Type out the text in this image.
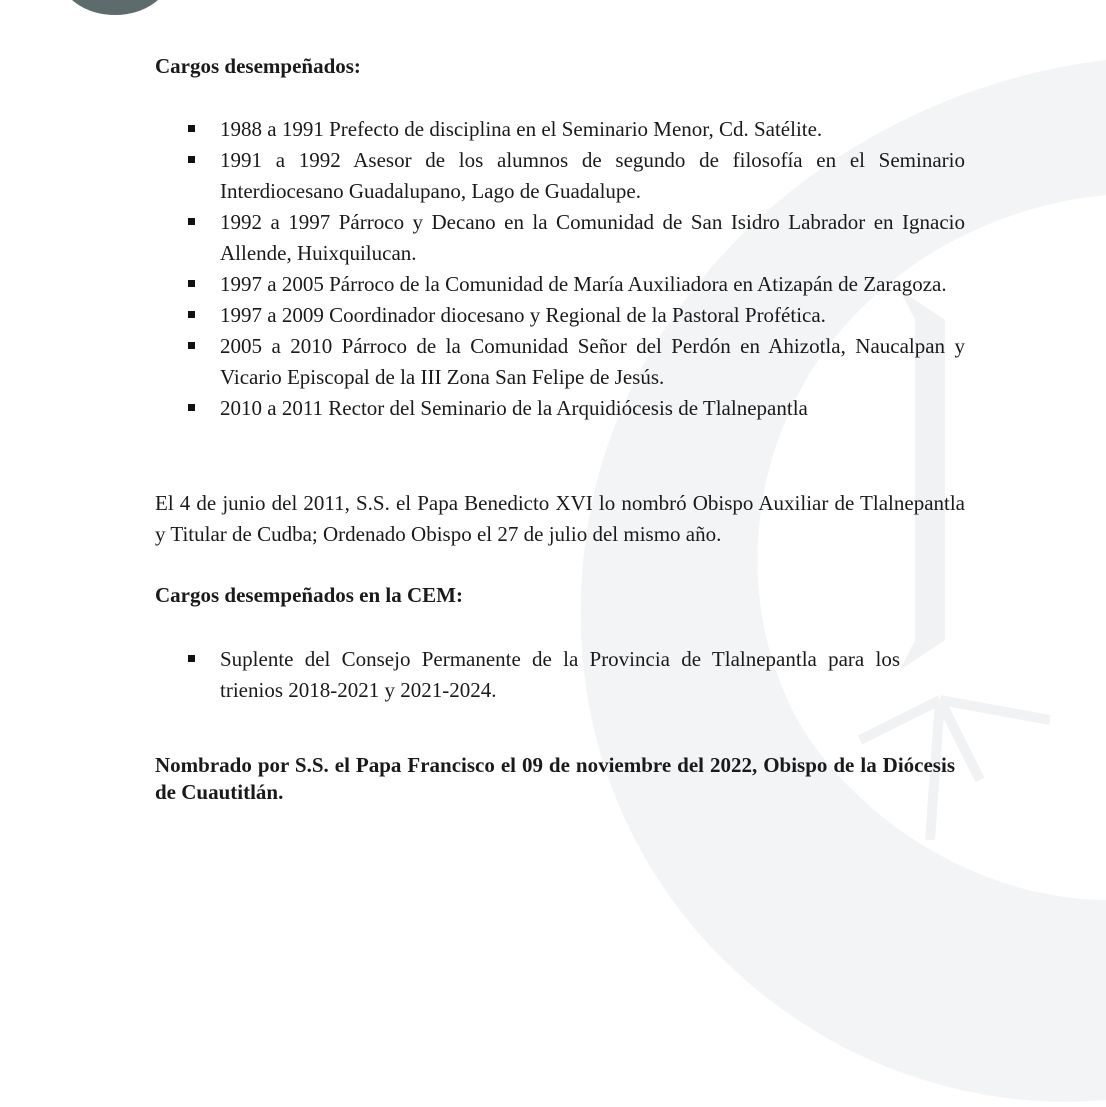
Cargos desempeñados:
1988 a 1991 Prefecto de disciplina en el Seminario Menor, Cd. Satélite.
1991 a 1992 Asesor de los alumnos de segundo de filosofía en el Seminario Interdiocesano Guadalupano, Lago de Guadalupe.
1992 a 1997 Párroco y Decano en la Comunidad de San Isidro Labrador en Ignacio Allende, Huixquilucan.
1997 a 2005 Párroco de la Comunidad de María Auxiliadora en Atizapán de Zaragoza.
1997 a 2009 Coordinador diocesano y Regional de la Pastoral Profética.
2005 a 2010 Párroco de la Comunidad Señor del Perdón en Ahizotla, Naucalpan y Vicario Episcopal de la III Zona San Felipe de Jesús.
2010 a 2011 Rector del Seminario de la Arquidiócesis de Tlalnepantla
El 4 de junio del 2011, S.S. el Papa Benedicto XVI lo nombró Obispo Auxiliar de Tlalnepantla y Titular de Cudba; Ordenado Obispo el 27 de julio del mismo año.
Cargos desempeñados en la CEM:
Suplente del Consejo Permanente de la Provincia de Tlalnepantla para los trienios 2018-2021 y 2021-2024.
Nombrado por S.S. el Papa Francisco el 09 de noviembre del 2022, Obispo de la Diócesis de Cuautitlán.
